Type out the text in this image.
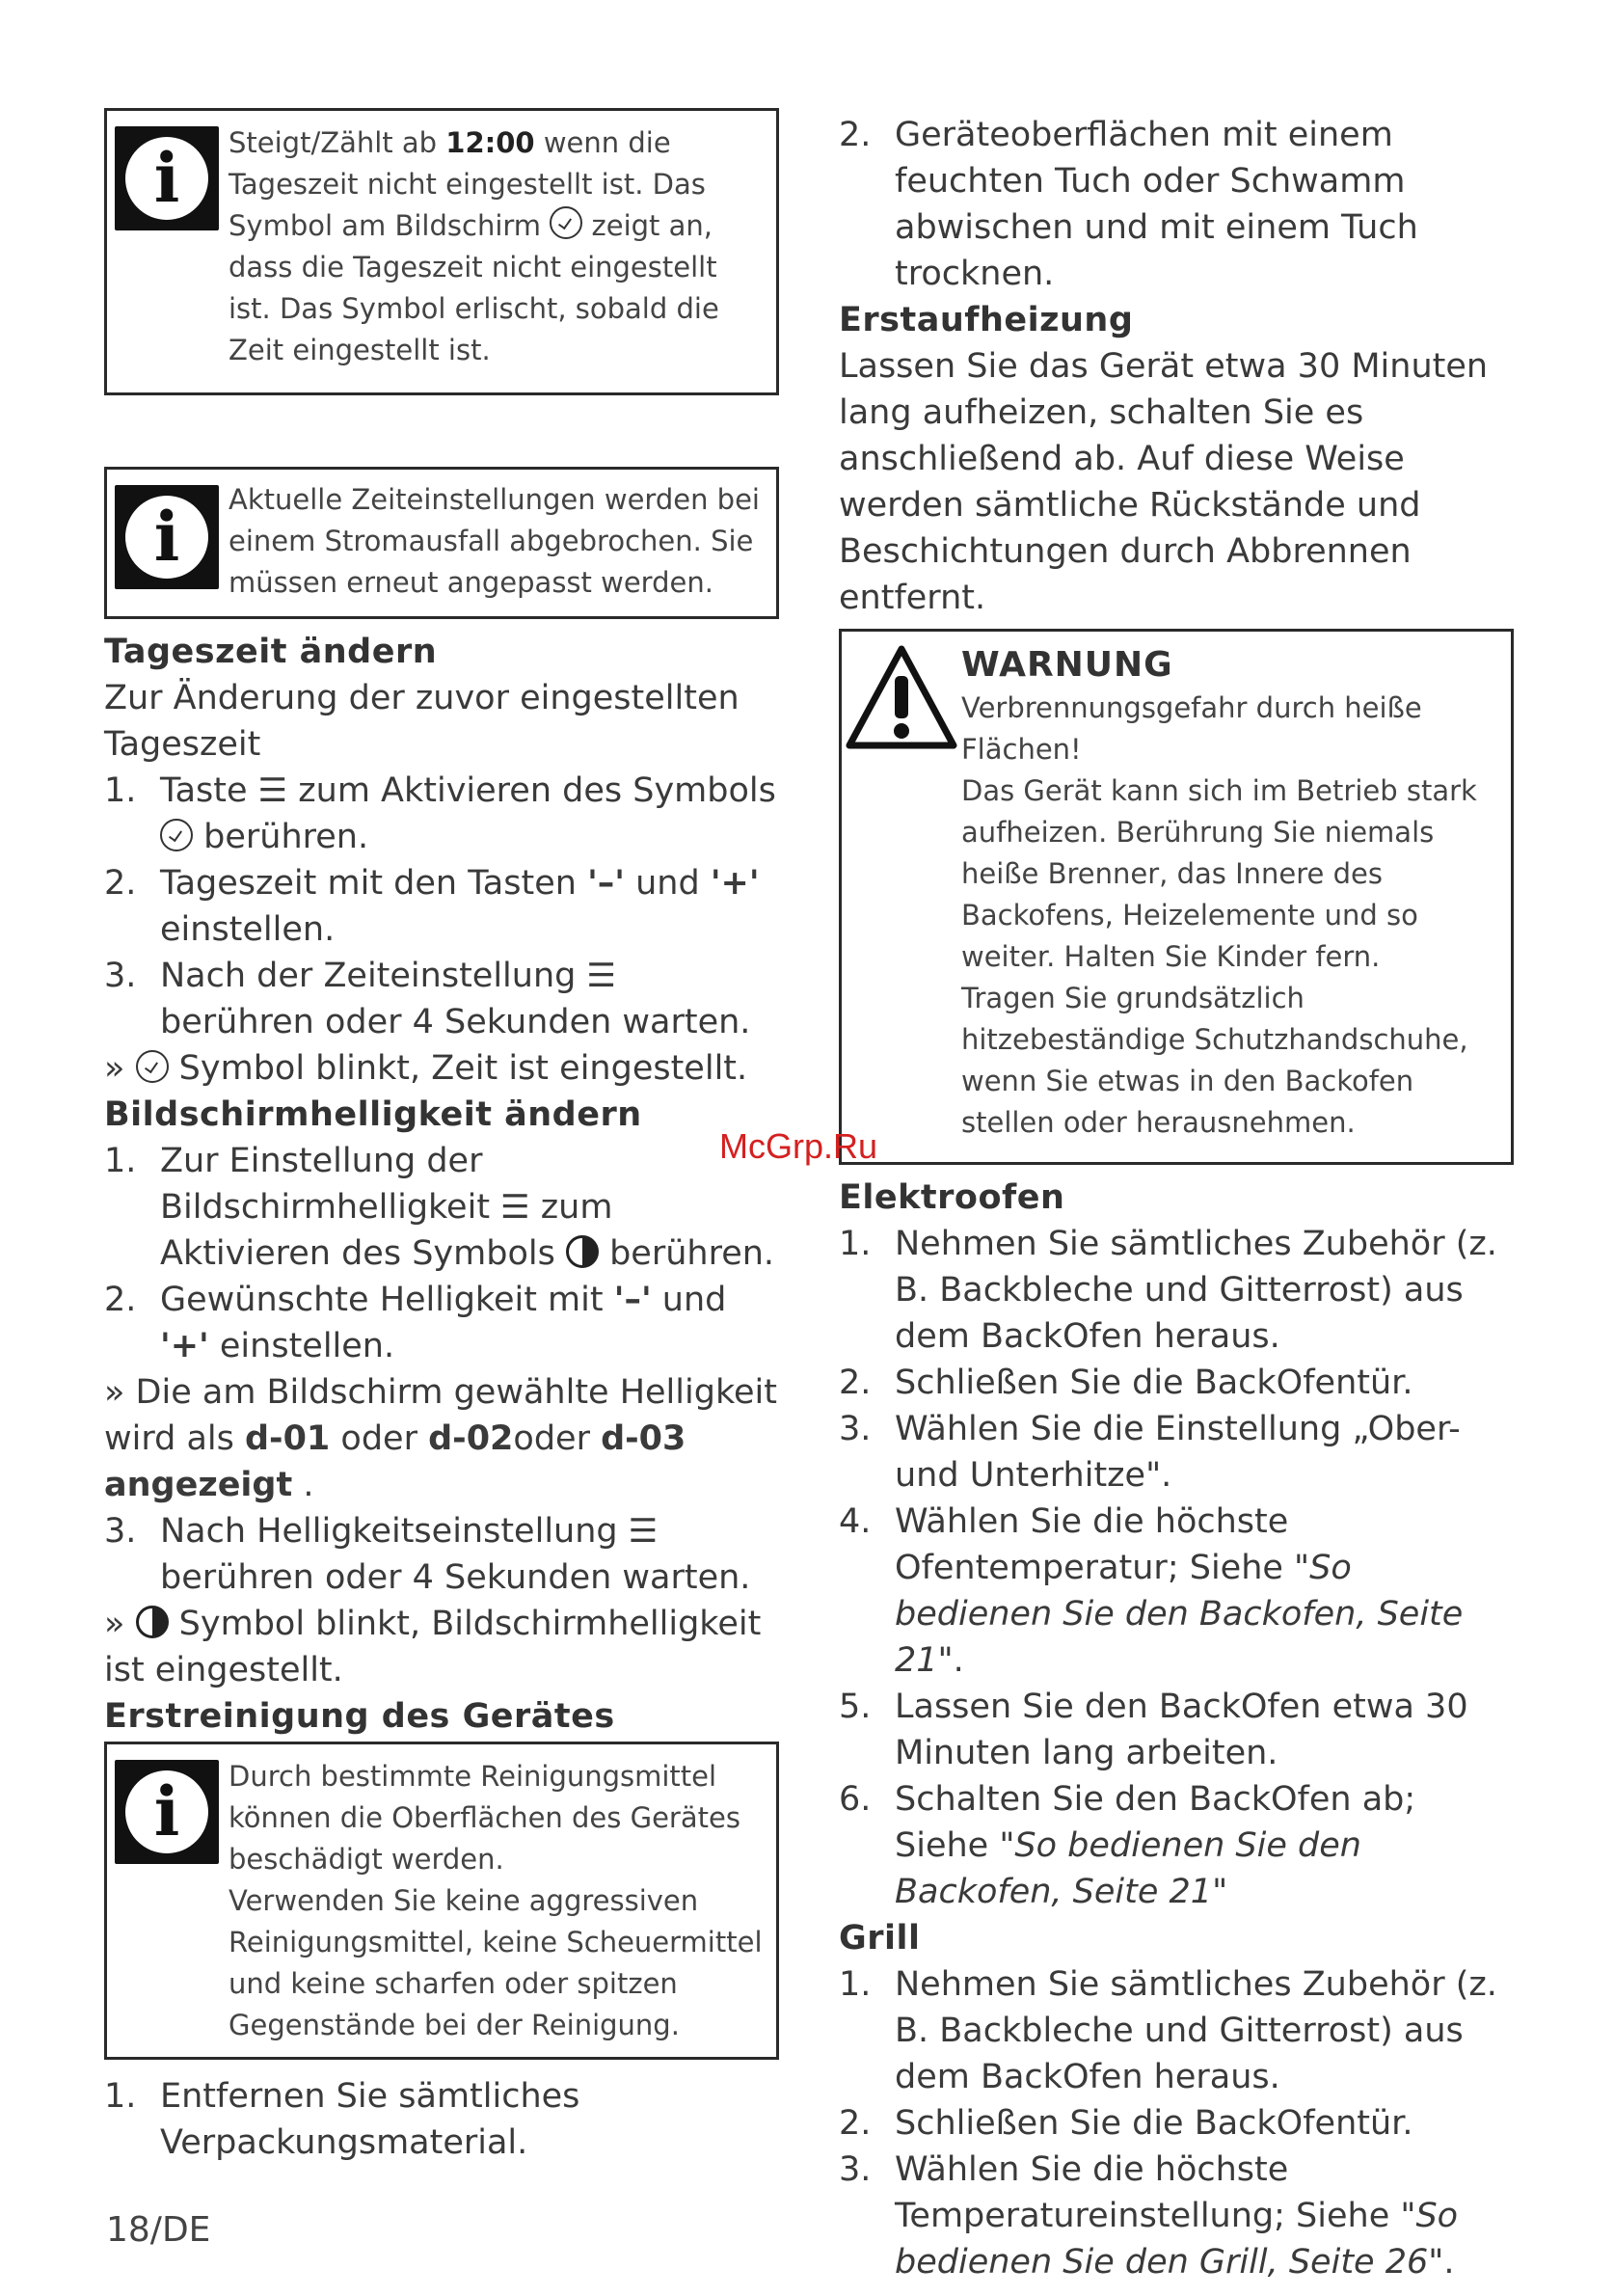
i	Steigt/Zählt ab 12:00 wenn die Tageszeit nicht eingestellt ist. Das Symbol am Bildschirm  zeigt an, dass die Tageszeit nicht eingestellt ist. Das Symbol erlischt, sobald die Zeit eingestellt ist.
i	Aktuelle Zeiteinstellungen werden bei einem Stromausfall abgebrochen. Sie müssen erneut angepasst werden.

Tageszeit ändern

Zur Änderung der zuvor eingestellten Tageszeit

1. Taste ☰ zum Aktivieren des Symbols  berühren.
2. Tageszeit mit den Tasten '–' und '+' einstellen.
3. Nach der Zeiteinstellung ☰ berühren oder 4 Sekunden warten.

»  Symbol blinkt, Zeit ist eingestellt.

Bildschirmhelligkeit ändern

1. Zur Einstellung der Bildschirmhelligkeit ☰ zum Aktivieren des Symbols  berühren.
2. Gewünschte Helligkeit mit '–' und '+' einstellen.

» Die am Bildschirm gewählte Helligkeit wird als d-01 oder d-02oder d-03 angezeigt .

3. Nach Helligkeitseinstellung ☰ berühren oder 4 Sekunden warten.

»  Symbol blinkt, Bildschirmhelligkeit ist eingestellt.

Erstreinigung des Gerätes

i	Durch bestimmte Reinigungsmittel können die Oberflächen des Gerätes beschädigt werden.
Verwenden Sie keine aggressiven Reinigungsmittel, keine Scheuermittel und keine scharfen oder spitzen Gegenstände bei der Reinigung.
1. Entfernen Sie sämtliches Verpackungsmaterial.
2. Geräteoberflächen mit einem feuchten Tuch oder Schwamm abwischen und mit einem Tuch trocknen.

Erstaufheizung

Lassen Sie das Gerät etwa 30 Minuten lang aufheizen, schalten Sie es anschließend ab. Auf diese Weise werden sämtliche Rückstände und Beschichtungen durch Abbrennen entfernt.

WARNUNG
Verbrennungsgefahr durch heiße Flächen!
Das Gerät kann sich im Betrieb stark aufheizen. Berührung Sie niemals heiße Brenner, das Innere des Backofens, Heizelemente und so weiter. Halten Sie Kinder fern.
Tragen Sie grundsätzlich hitzebeständige Schutzhandschuhe, wenn Sie etwas in den Backofen stellen oder herausnehmen.

Elektroofen

1. Nehmen Sie sämtliches Zubehör (z. B. Backbleche und Gitterrost) aus dem BackOfen heraus.
2. Schließen Sie die BackOfentür.
3. Wählen Sie die Einstellung „Ober- und Unterhitze".
4. Wählen Sie die höchste Ofentemperatur; Siehe "So bedienen Sie den Backofen, Seite 21".
5. Lassen Sie den BackOfen etwa 30 Minuten lang arbeiten.
6. Schalten Sie den BackOfen ab; Siehe "So bedienen Sie den Backofen, Seite 21"

Grill

1. Nehmen Sie sämtliches Zubehör (z. B. Backbleche und Gitterrost) aus dem BackOfen heraus.
2. Schließen Sie die BackOfentür.
3. Wählen Sie die höchste Temperatureinstellung; Siehe "So bedienen Sie den Grill, Seite 26".
McGrp.Ru
18/DE
